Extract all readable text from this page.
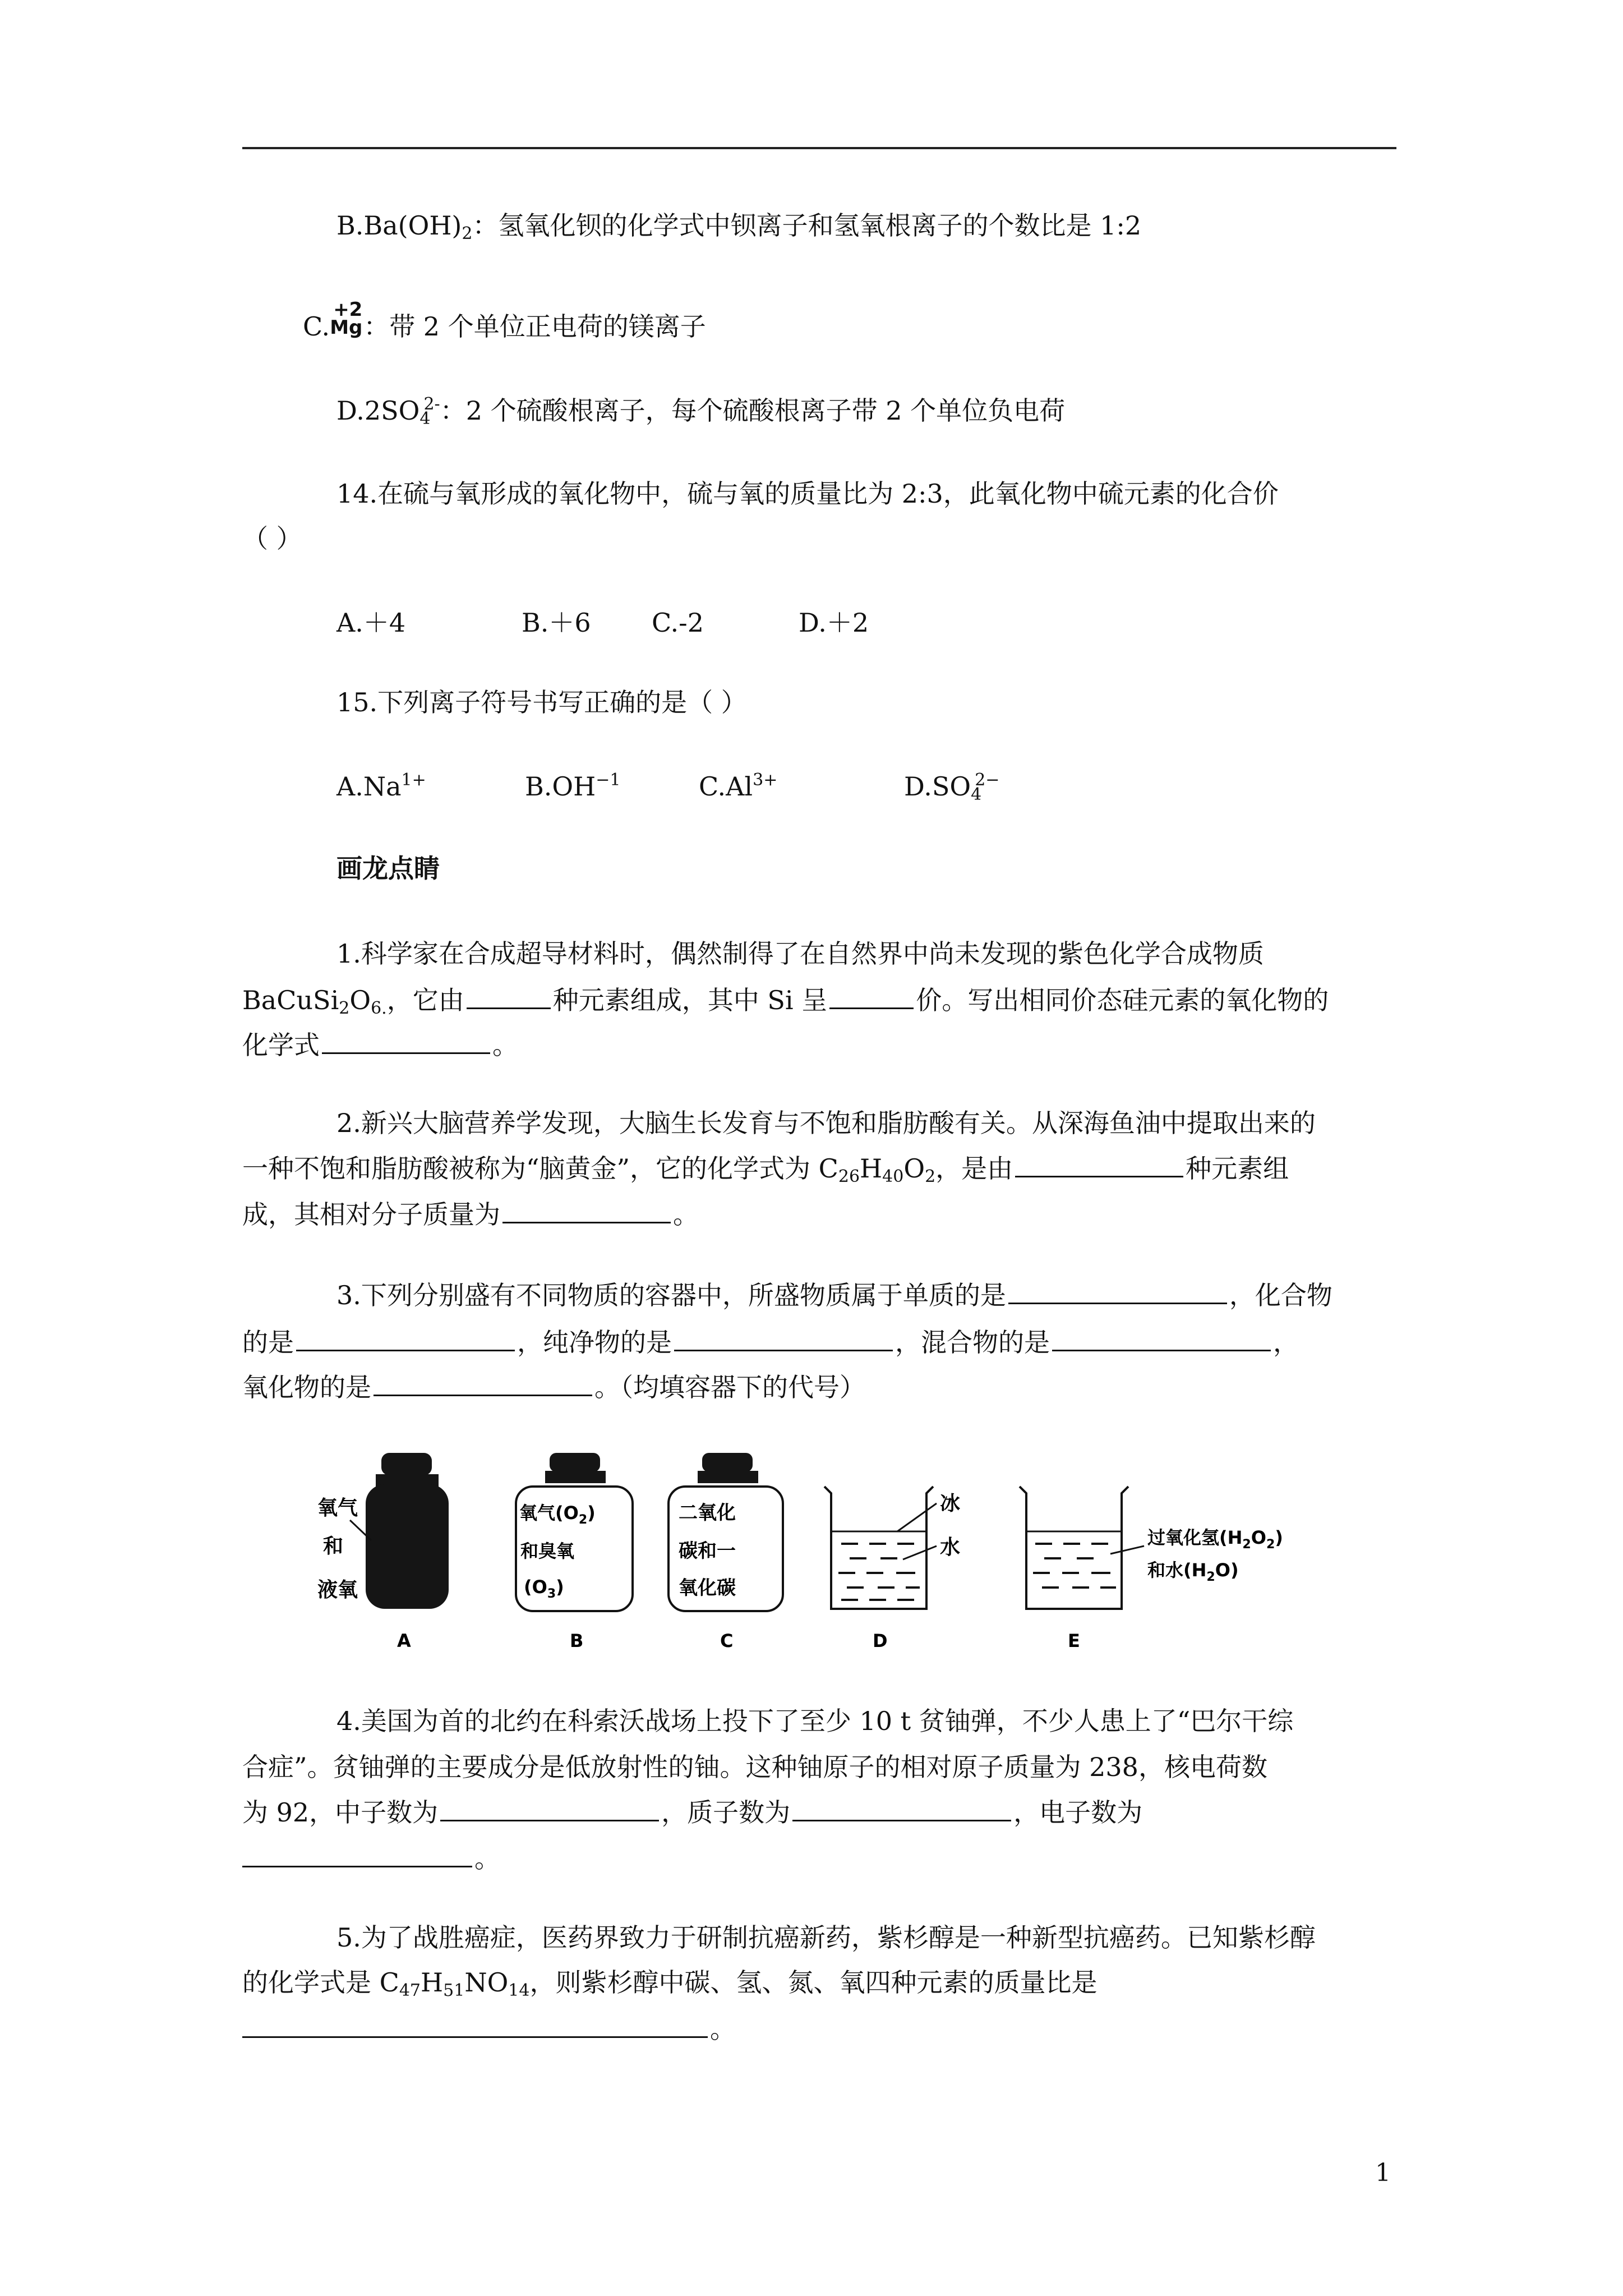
$B.Ba(OH)_2$：氢氧化钡的化学式中钡离子和氢氧根离子的个数比是 1:2
C.
+2
Mg ：带 2 个单位正电荷的镁离子
$D.2SO_4^{2-}$：2 个硫酸根离子，每个硫酸根离子带 2 个单位负电荷
14.在硫与氧形成的氧化物中，硫与氧的质量比为 2:3，此氧化物中硫元素的化合价
（ ）
A.＋4	B.＋6 C.-2	D.＋2
15.下列离子符号书写正确的是（ ）
$A.Na^{1+}$	$B.OH^{-1}$	$C.Al^{3+}$	$D.SO_4^{2-}$
画龙点睛
1.科学家在合成超导材料时，偶然制得了在自然界中尚未发现的紫色化学合成物质
$BaCuSi_2O_{6.}$，它由	种元素组成，其中 Si 呈	价。写出相同价态硅元素的氧化物的
化学式	。
2.新兴大脑营养学发现，大脑生长发育与不饱和脂肪酸有关。从深海鱼油中提取出来的
一种不饱和脂肪酸被称为“脑黄金”，它的化学式为 $C_{26}H_{40}O_2$，是由	种元素组
成，其相对分子质量为	。
3.下列分别盛有不同物质的容器中，所盛物质属于单质的是	，化合物
的是	，纯净物的是	，混合物的是	，
氧化物的是	。（均填容器下的代号）
氧气
和
液氧
A
氧气$(O_2)$
和臭氧
$(O_3)$
B
二氧化
碳和一
氧化碳
C
冰
水
D
过氧化氢$(H_2O_2)$
和水$(H_2O)$
E
4.美国为首的北约在科索沃战场上投下了至少 10 t 贫铀弹，不少人患上了“巴尔干综
合症”。贫铀弹的主要成分是低放射性的铀。这种铀原子的相对原子质量为 238，核电荷数
为 92，中子数为	，质子数为	，电子数为
。
5.为了战胜癌症，医药界致力于研制抗癌新药，紫杉醇是一种新型抗癌药。已知紫杉醇
的化学式是 $C_{47}H_{51}NO_{14}$，则紫杉醇中碳、氢、氮、氧四种元素的质量比是
。
1
